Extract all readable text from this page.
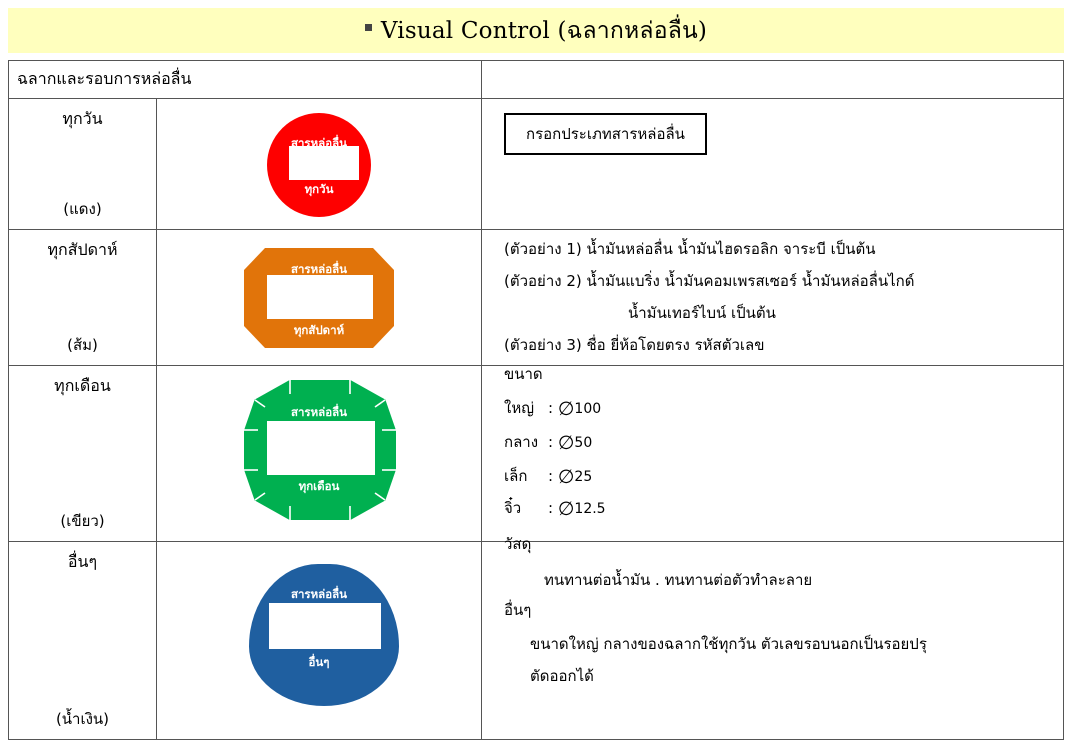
Visual Control (ฉลากหล่อลื่น)
ฉลากและรอบการหล่อลื่น
ทุกวัน
(แดง)
สารหล่อลื่น
ทุกวัน
กรอกประเภทสารหล่อลื่น
ทุกสัปดาห์
(ส้ม)
สารหล่อลื่น
ทุกสัปดาห์
(ตัวอย่าง 1) น้ำมันหล่อลื่น น้ำมันไฮดรอลิก จาระบี เป็นต้น
(ตัวอย่าง 2) น้ำมันแบริ่ง น้ำมันคอมเพรสเซอร์ น้ำมันหล่อลื่นไกด์
น้ำมันเทอร์ไบน์ เป็นต้น
(ตัวอย่าง 3) ชื่อ ยี่ห้อโดยตรง รหัสตัวเลข
ทุกเดือน
(เขียว)
สารหล่อลื่น
ทุกเดือน
ขนาด
ใหญ่ : ∅100
กลาง : ∅50
เล็ก : ∅25
จิ๋ว : ∅12.5
อื่นๆ
(น้ำเงิน)
สารหล่อลื่น
อื่นๆ
วัสดุ
ทนทานต่อน้ำมัน . ทนทานต่อตัวทำละลาย
อื่นๆ
ขนาดใหญ่ กลางของฉลากใช้ทุกวัน ตัวเลขรอบนอกเป็นรอยปรุ
ตัดออกได้
